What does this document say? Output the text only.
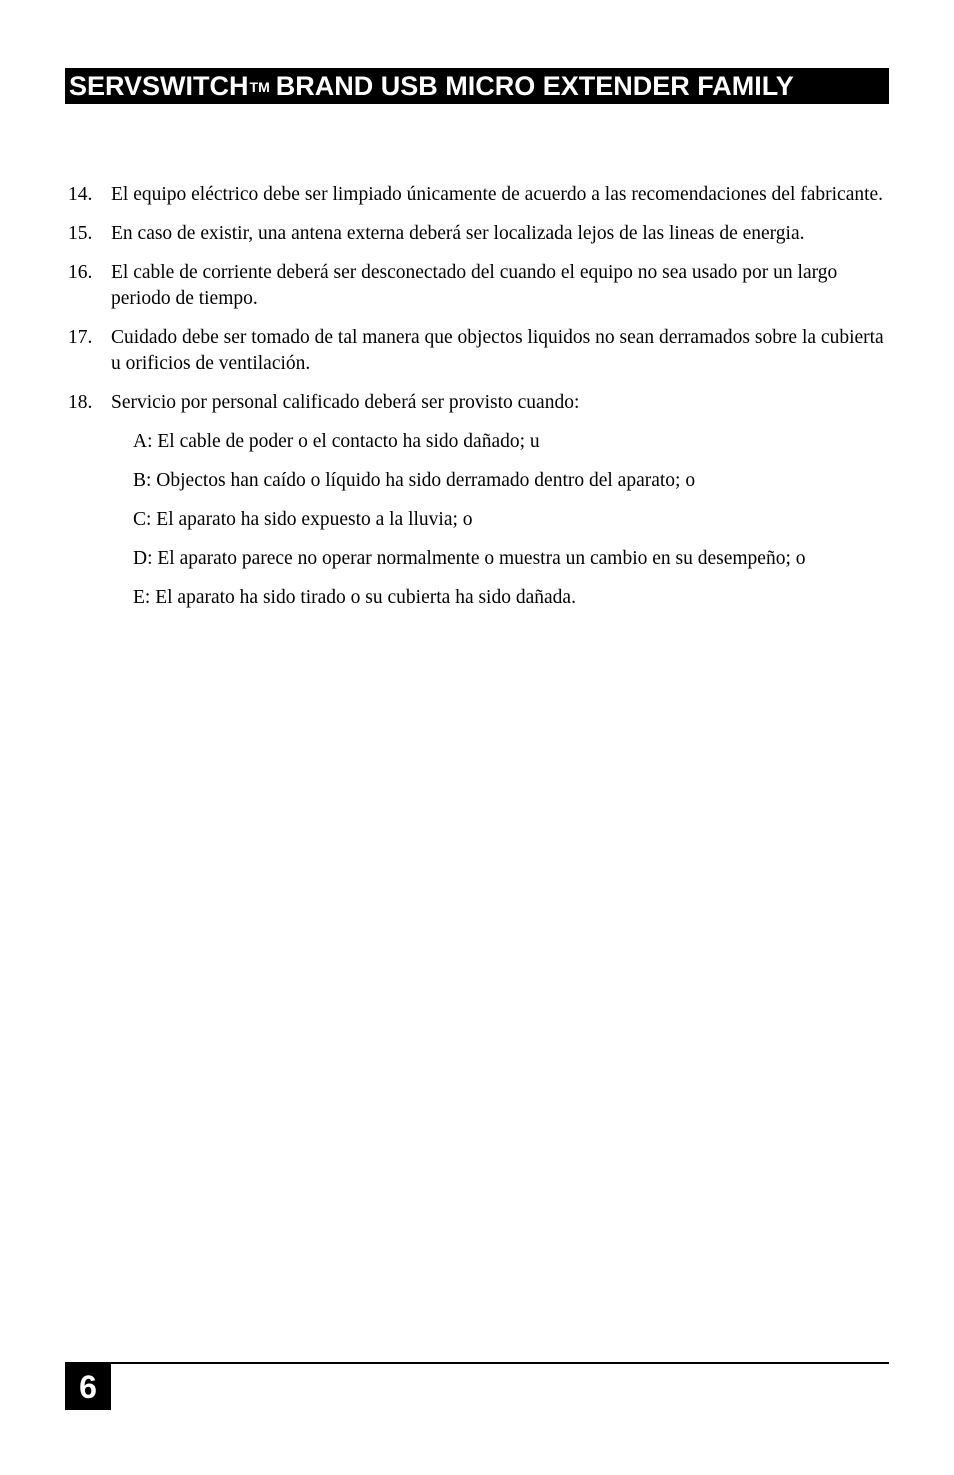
SERVSWITCHTM BRAND USB MICRO EXTENDER FAMILY
14. El equipo eléctrico debe ser limpiado únicamente de acuerdo a las recomendaciones del fabricante.
15. En caso de existir, una antena externa deberá ser localizada lejos de las lineas de energia.
16. El cable de corriente deberá ser desconectado del cuando el equipo no sea usado por un largo periodo de tiempo.
17. Cuidado debe ser tomado de tal manera que objectos liquidos no sean derramados sobre la cubierta u orificios de ventilación.
18. Servicio por personal calificado deberá ser provisto cuando:
A: El cable de poder o el contacto ha sido dañado; u
B: Objectos han caído o líquido ha sido derramado dentro del aparato; o
C: El aparato ha sido expuesto a la lluvia; o
D: El aparato parece no operar normalmente o muestra un cambio en su desempeño; o
E: El aparato ha sido tirado o su cubierta ha sido dañada.
6
